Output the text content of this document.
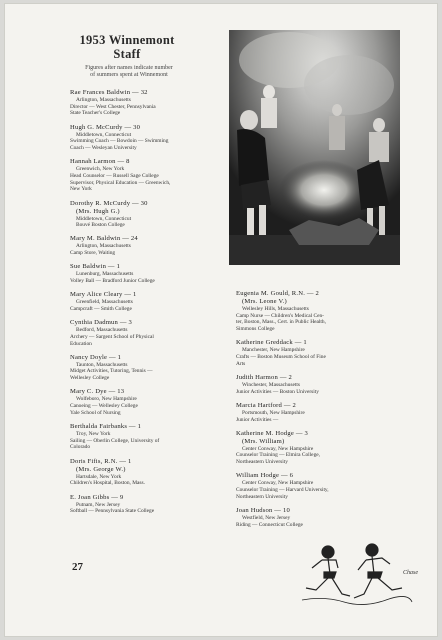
1953 Winnemont
Staff
Figures after names indicate number
of summers spent at Winnemont
Rae Frances Baldwin — 32
Arlington, Massachusetts
Director — West Chester, Pennsylvania
State Teacher's College
Hugh G. McCurdy — 30
Middletown, Connecticut
Swimming Coach — Bowdoin — Swimming
Coach — Wesleyan University
Hannah Larmon — 8
Greenwich, New York
Head Counselor — Russell Sage College
Supervisor, Physical Education — Greenwich,
New York
Dorothy R. McCurdy — 30
(Mrs. Hugh G.)
Middletown, Connecticut
Bouvé Boston College
Mary M. Baldwin — 24
Arlington, Massachusetts
Camp Store, Waiting
Sue Baldwin — 1
Lunenburg, Massachusetts
Volley Ball — Bradford Junior College
Mary Alice Cleary — 1
Greenfield, Massachusetts
Campcraft — Smith College
Cynthia Dadmun — 3
Bedford, Massachusetts
Archery — Sargent School of Physical
Education
Nancy Doyle — 1
Taunton, Massachusetts
Midget Activities, Tutoring, Tennis —
Wellesley College
Mary C. Dye — 13
Wolfeboro, New Hampshire
Canoeing — Wellesley College
Yale School of Nursing
Berthalda Fairbanks — 1
Troy, New York
Sailing — Oberlin College, University of
Colorado
Doris Fifis, R.N. — 1
(Mrs. George W.)
Hartsdale, New York
Children's Hospital, Boston, Mass.
E. Joan Gibbs — 9
Putnam, New Jersey
Softball — Pennsylvania State College
Eugenia M. Gould, R.N. — 2
(Mrs. Leone V.)
Wellesley Hills, Massachusetts
Camp Nurse — Children's Medical Cen-
ter, Boston, Mass., Cert. in Public Health,
Simmons College
Katherine Greddack — 1
Manchester, New Hampshire
Crafts — Boston Museum School of Fine
Arts
Judith Harmon — 2
Winchester, Massachusetts
Junior Activities — Boston University
Marcia Hartford — 2
Portsmouth, New Hampshire
Junior Activities —
Katherine M. Hodge — 3
(Mrs. William)
Center Conway, New Hampshire
Counselor Training — Elmira College,
Northeastern University
William Hodge — 6
Center Conway, New Hampshire
Counselor Training — Harvard University,
Northeastern University
Joan Hudson — 10
Westfield, New Jersey
Riding — Connecticut College
27	Chase
